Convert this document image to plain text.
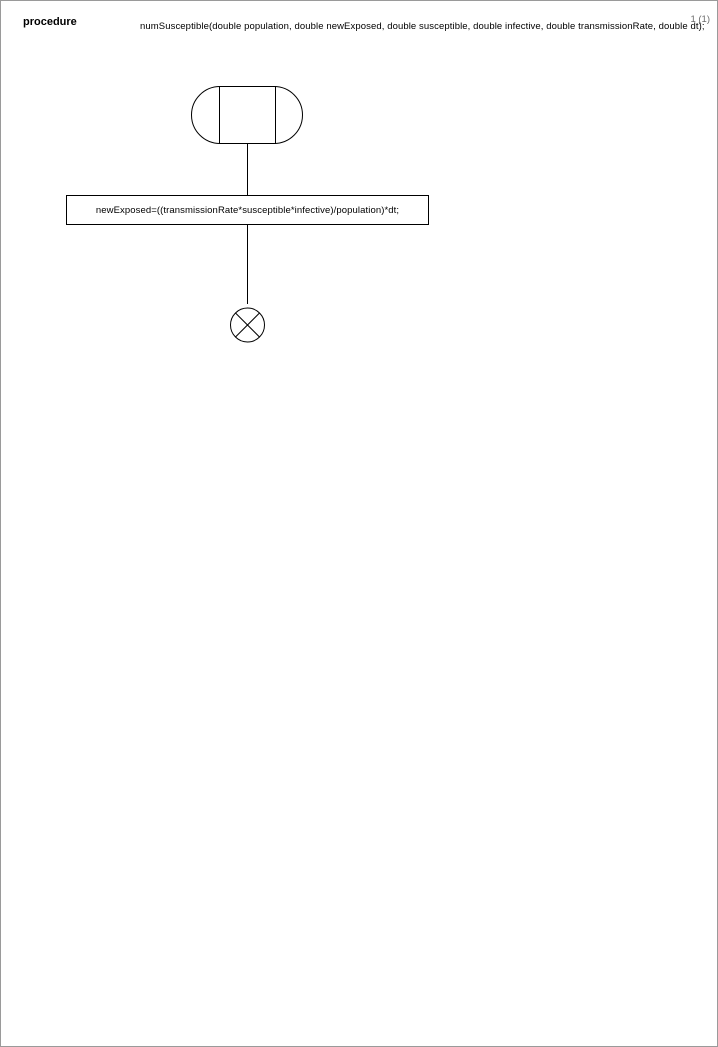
procedure	numSusceptible(double population, double newExposed, double susceptible, double infective, double transmissionRate, double dt);
1 (1)
newExposed=((transmissionRate*susceptible*infective)/population)*dt;
